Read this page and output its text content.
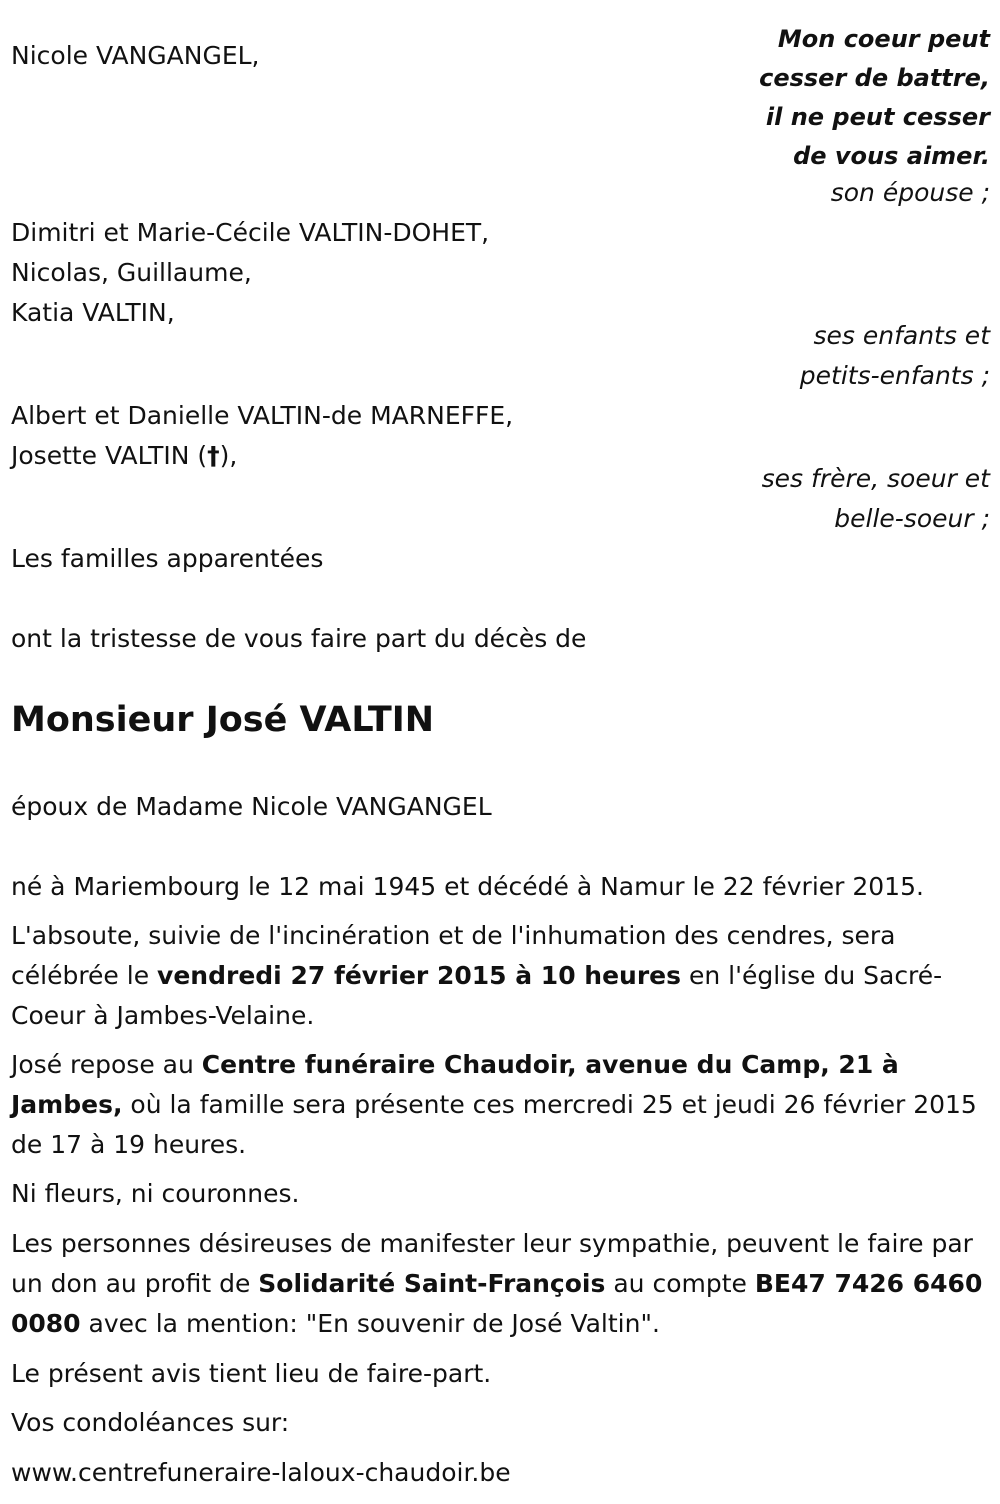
Mon coeur peut
cesser de battre,
il ne peut cesser
de vous aimer.
Nicole VANGANGEL,
son épouse ;
Dimitri et Marie-Cécile VALTIN-DOHET,
Nicolas, Guillaume,
Katia VALTIN,
ses enfants et
petits-enfants ;
Albert et Danielle VALTIN-de MARNEFFE,
Josette VALTIN (†),
ses frère, soeur et
belle-soeur ;
Les familles apparentées
ont la tristesse de vous faire part du décès de
Monsieur José VALTIN
époux de Madame Nicole VANGANGEL
né à Mariembourg le 12 mai 1945 et décédé à Namur le 22 février 2015.
L'absoute, suivie de l'incinération et de l'inhumation des cendres, sera célébrée le vendredi 27 février 2015 à 10 heures en l'église du Sacré-Coeur à Jambes-Velaine.
José repose au Centre funéraire Chaudoir, avenue du Camp, 21 à Jambes, où la famille sera présente ces mercredi 25 et jeudi 26 février 2015 de 17 à 19 heures.
Ni fleurs, ni couronnes.
Les personnes désireuses de manifester leur sympathie, peuvent le faire par un don au profit de Solidarité Saint-François au compte BE47 7426 6460 0080 avec la mention: "En souvenir de José Valtin".
Le présent avis tient lieu de faire-part.
Vos condoléances sur:
www.centrefuneraire-laloux-chaudoir.be
